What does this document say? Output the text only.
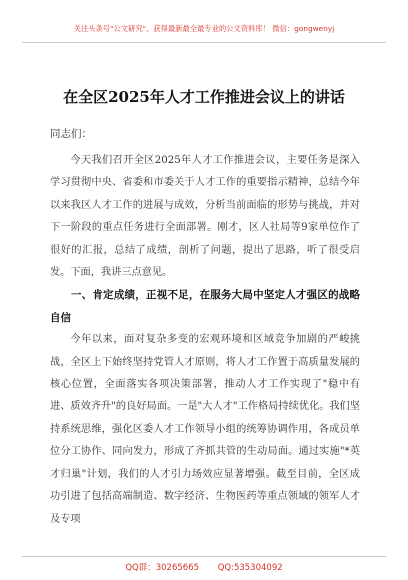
关注头条号"公文研究"，获得最新最全最专业的公文资料库！ 微信：gongwenyj
在全区2025年人才工作推进会议上的讲话
同志们：

今天我们召开全区2025年人才工作推进会议，主要任务是深入学习贯彻中央、省委和市委关于人才工作的重要指示精神，总结今年以来我区人才工作的进展与成效，分析当前面临的形势与挑战，并对下一阶段的重点任务进行全面部署。刚才，区人社局等9家单位作了很好的汇报，总结了成绩，剖析了问题，提出了思路，听了很受启发。下面，我讲三点意见。

一、肯定成绩，正视不足，在服务大局中坚定人才强区的战略自信

今年以来，面对复杂多变的宏观环境和区域竞争加剧的严峻挑战，全区上下始终坚持党管人才原则，将人才工作置于高质量发展的核心位置，全面落实各项决策部署，推动人才工作实现了"稳中有进、质效齐升"的良好局面。一是"大人才"工作格局持续优化。我们坚持系统思维，强化区委人才工作领导小组的统筹协调作用，各成员单位分工协作、同向发力，形成了齐抓共管的生动局面。通过实施"*英才归巢"计划，我们的人才引力场效应显著增强。截至目前，全区成功引进了包括高端制造、数字经济、生物医药等重点领域的领军人才及专项

QQ群：30265665 QQ:535304092
